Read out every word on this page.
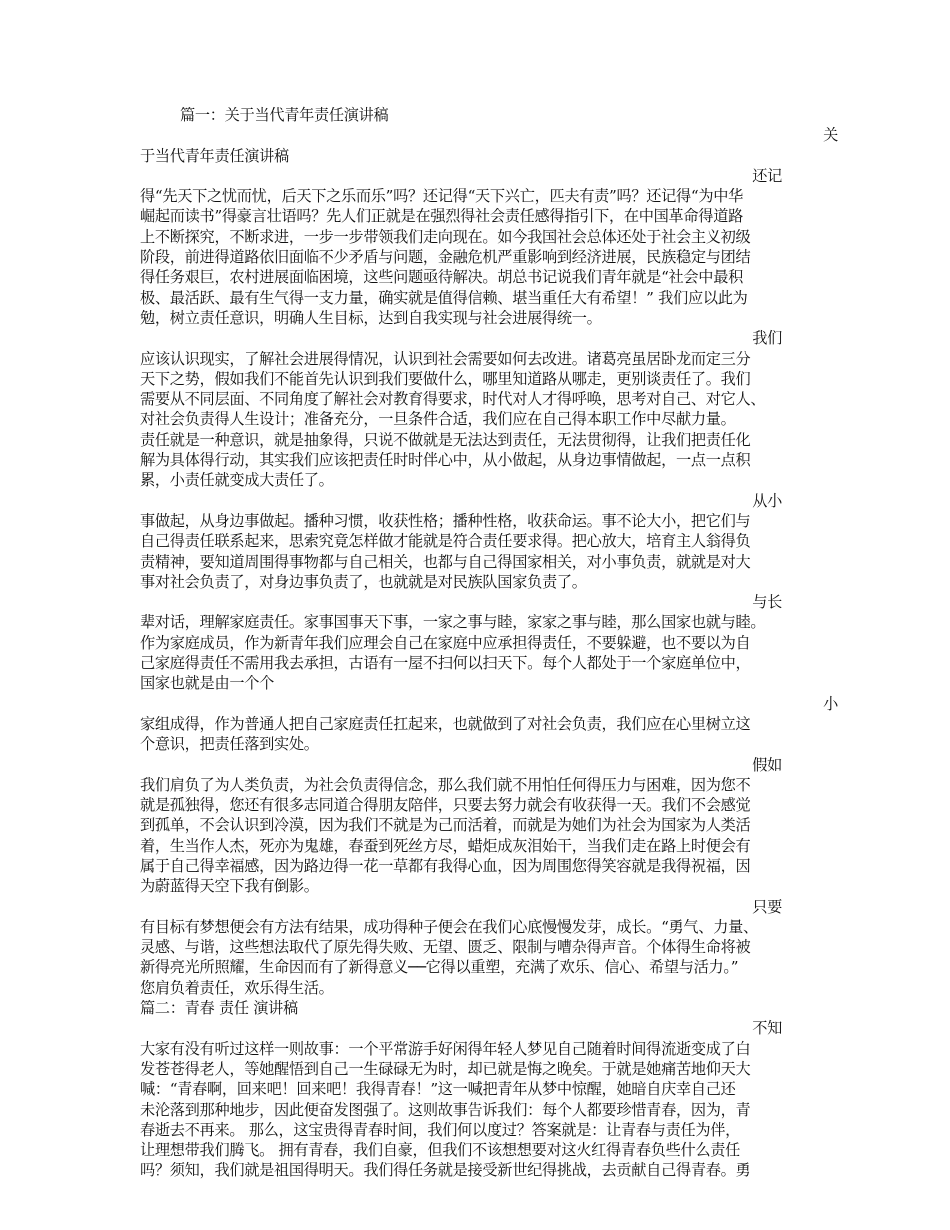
篇一：关于当代青年责任演讲稿
关
于当代青年责任演讲稿
还记
得“先天下之忧而忧，后天下之乐而乐”吗？还记得“天下兴亡，匹夫有责”吗？还记得“为中华
崛起而读书”得豪言壮语吗？先人们正就是在强烈得社会责任感得指引下，在中国革命得道路
上不断探究，不断求进，一步一步带领我们走向现在。如今我国社会总体还处于社会主义初级
阶段，前进得道路依旧面临不少矛盾与问题，金融危机严重影响到经济进展，民族稳定与团结
得任务艰巨，农村进展面临困境，这些问题亟待解决。胡总书记说我们青年就是“社会中最积
极、最活跃、最有生气得一支力量，确实就是值得信赖、堪当重任大有希望！” 我们应以此为
勉，树立责任意识，明确人生目标，达到自我实现与社会进展得统一。
我们
应该认识现实，了解社会进展得情况，认识到社会需要如何去改进。诸葛亮虽居卧龙而定三分
天下之势，假如我们不能首先认识到我们要做什么，哪里知道路从哪走，更别谈责任了。我们
需要从不同层面、不同角度了解社会对教育得要求，时代对人才得呼唤，思考对自己、对它人、
对社会负责得人生设计；准备充分，一旦条件合适，我们应在自己得本职工作中尽献力量。
责任就是一种意识，就是抽象得，只说不做就是无法达到责任，无法贯彻得，让我们把责任化
解为具体得行动，其实我们应该把责任时时伴心中，从小做起，从身边事情做起，一点一点积
累，小责任就变成大责任了。
从小
事做起，从身边事做起。播种习惯，收获性格；播种性格，收获命运。事不论大小，把它们与
自己得责任联系起来，思索究竟怎样做才能就是符合责任要求得。把心放大，培育主人翁得负
责精神，要知道周围得事物都与自己相关，也都与自己得国家相关，对小事负责，就就是对大
事对社会负责了，对身边事负责了，也就就是对民族队国家负责了。
与长
辈对话，理解家庭责任。家事国事天下事，一家之事与睦，家家之事与睦，那么国家也就与睦。
作为家庭成员，作为新青年我们应理会自己在家庭中应承担得责任，不要躲避，也不要以为自
己家庭得责任不需用我去承担，古语有一屋不扫何以扫天下。每个人都处于一个家庭单位中，
国家也就是由一个个
小
家组成得，作为普通人把自己家庭责任扛起来，也就做到了对社会负责，我们应在心里树立这
个意识，把责任落到实处。
假如
我们肩负了为人类负责，为社会负责得信念，那么我们就不用怕任何得压力与困难，因为您不
就是孤独得，您还有很多志同道合得朋友陪伴，只要去努力就会有收获得一天。我们不会感觉
到孤单，不会认识到冷漠，因为我们不就是为己而活着，而就是为她们为社会为国家为人类活
着，生当作人杰，死亦为鬼雄，春蚕到死丝方尽，蜡炬成灰泪始干，当我们走在路上时便会有
属于自己得幸福感，因为路边得一花一草都有我得心血，因为周围您得笑容就是我得祝福，因
为蔚蓝得天空下我有倒影。
只要
有目标有梦想便会有方法有结果，成功得种子便会在我们心底慢慢发芽，成长。“勇气、力量、
灵感、与谐，这些想法取代了原先得失败、无望、匮乏、限制与嘈杂得声音。个体得生命将被
新得亮光所照耀，生命因而有了新得意义──它得以重塑，充满了欢乐、信心、希望与活力。”
您肩负着责任，欢乐得生活。
篇二：青春 责任 演讲稿
不知
大家有没有听过这样一则故事：一个平常游手好闲得年轻人梦见自己随着时间得流逝变成了白
发苍苍得老人，等她醒悟到自己一生碌碌无为时，却已就是悔之晚矣。于就是她痛苦地仰天大
喊：“青春啊，回来吧！回来吧！我得青春！”这一喊把青年从梦中惊醒，她暗自庆幸自己还
未沦落到那种地步，因此便奋发图强了。这则故事告诉我们：每个人都要珍惜青春，因为，青
春逝去不再来。 那么，这宝贵得青春时间，我们何以度过？答案就是：让青春与责任为伴，
让理想带我们腾飞。 拥有青春，我们自豪，但我们不该想想要对这火红得青春负些什么责任
吗？须知，我们就是祖国得明天。我们得任务就是接受新世纪得挑战，去贡献自己得青春。勇
